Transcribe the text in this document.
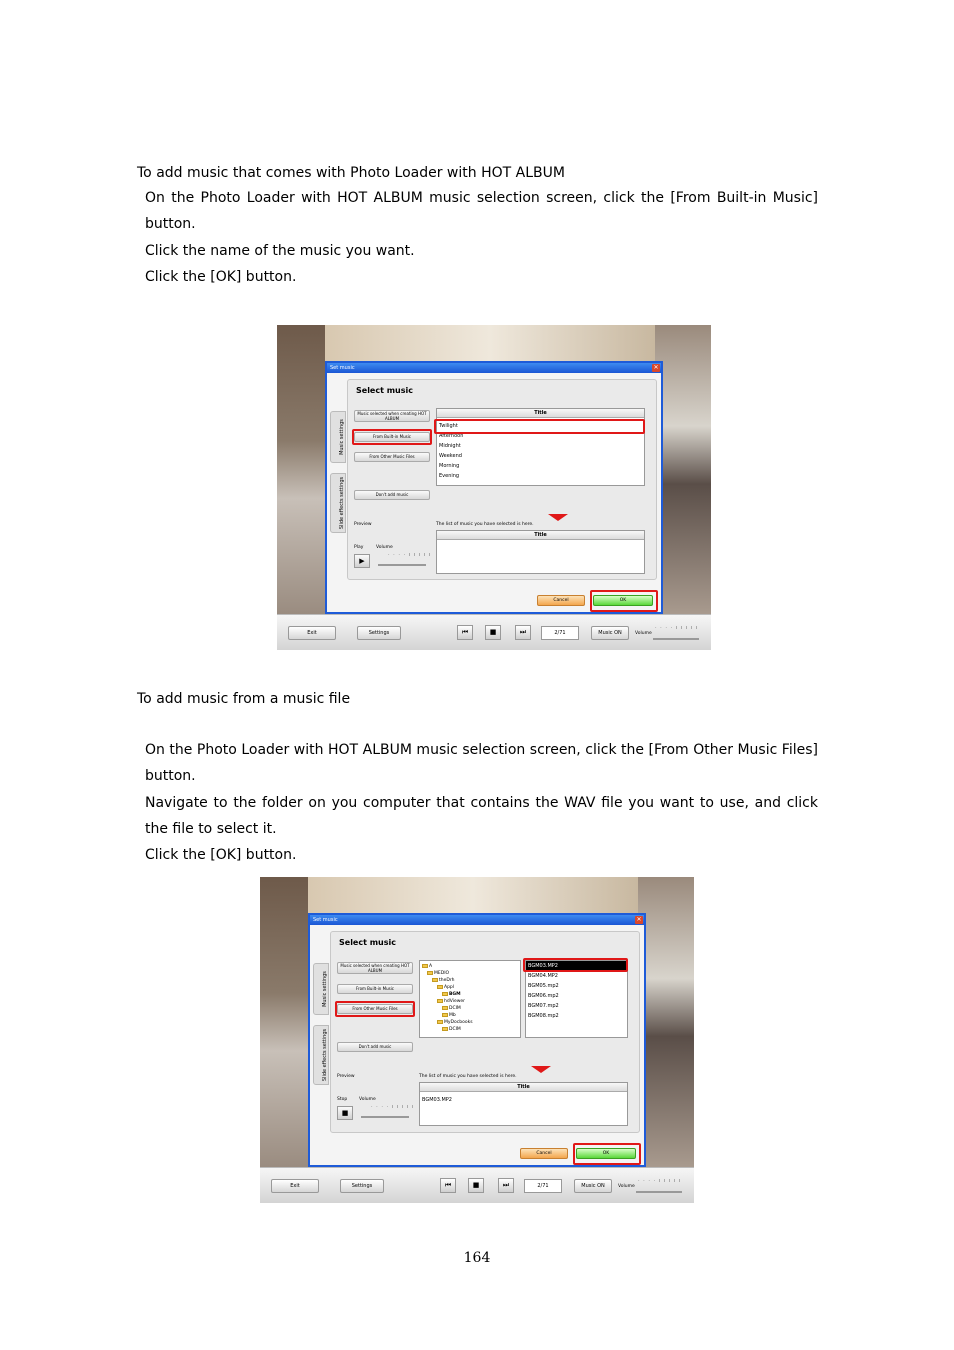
To add music that comes with Photo Loader with HOT ALBUM
On the Photo Loader with HOT ALBUM music selection screen, click the [From Built-in Music] button.
Click the name of the music you want.
Click the [OK] button.
Set music	✕
Music settings
Slide effects settings
Select music
Music selected when creating HOT ALBUM
From Built-in Music
From Other Music Files
Don't add music
Title
Twilight
Afternoon
Midnight
Weekend
Morning
Evening
Preview	The list of music you have selected is here.
Title
Play	Volume
▶
· · · · ı ı ı ı ı
Cancel	OK
Exit	Settings	⏮	■	⏭	2/71	Music ON	Volume
· · · · ı ı ı ı ı
To add music from a music file
On the Photo Loader with HOT ALBUM music selection screen, click the [From Other Music Files] button.
Navigate to the folder on you computer that contains the WAV file you want to use, and click the file to select it.
Click the [OK] button.
Set music	✕
Music settings
Slide effects settings
Select music
Music selected when creating HOT ALBUM
From Built-in Music
From Other Music Files
Don't add music
A
MEDIO
theDrh
Appl
BGM
hdViewer
DCIM
Mb
MyDocbooks
DCIM
BGM03.MP2
BGM04.MP2
BGM05.mp2
BGM06.mp2
BGM07.mp2
BGM08.mp2
Preview	The list of music you have selected is here.
Title
BGM03.MP2
Stop	Volume
■
· · · · ı ı ı ı ı
Cancel	OK
Exit	Settings	⏮	■	⏭	2/71	Music ON	Volume
· · · · ı ı ı ı ı
164
